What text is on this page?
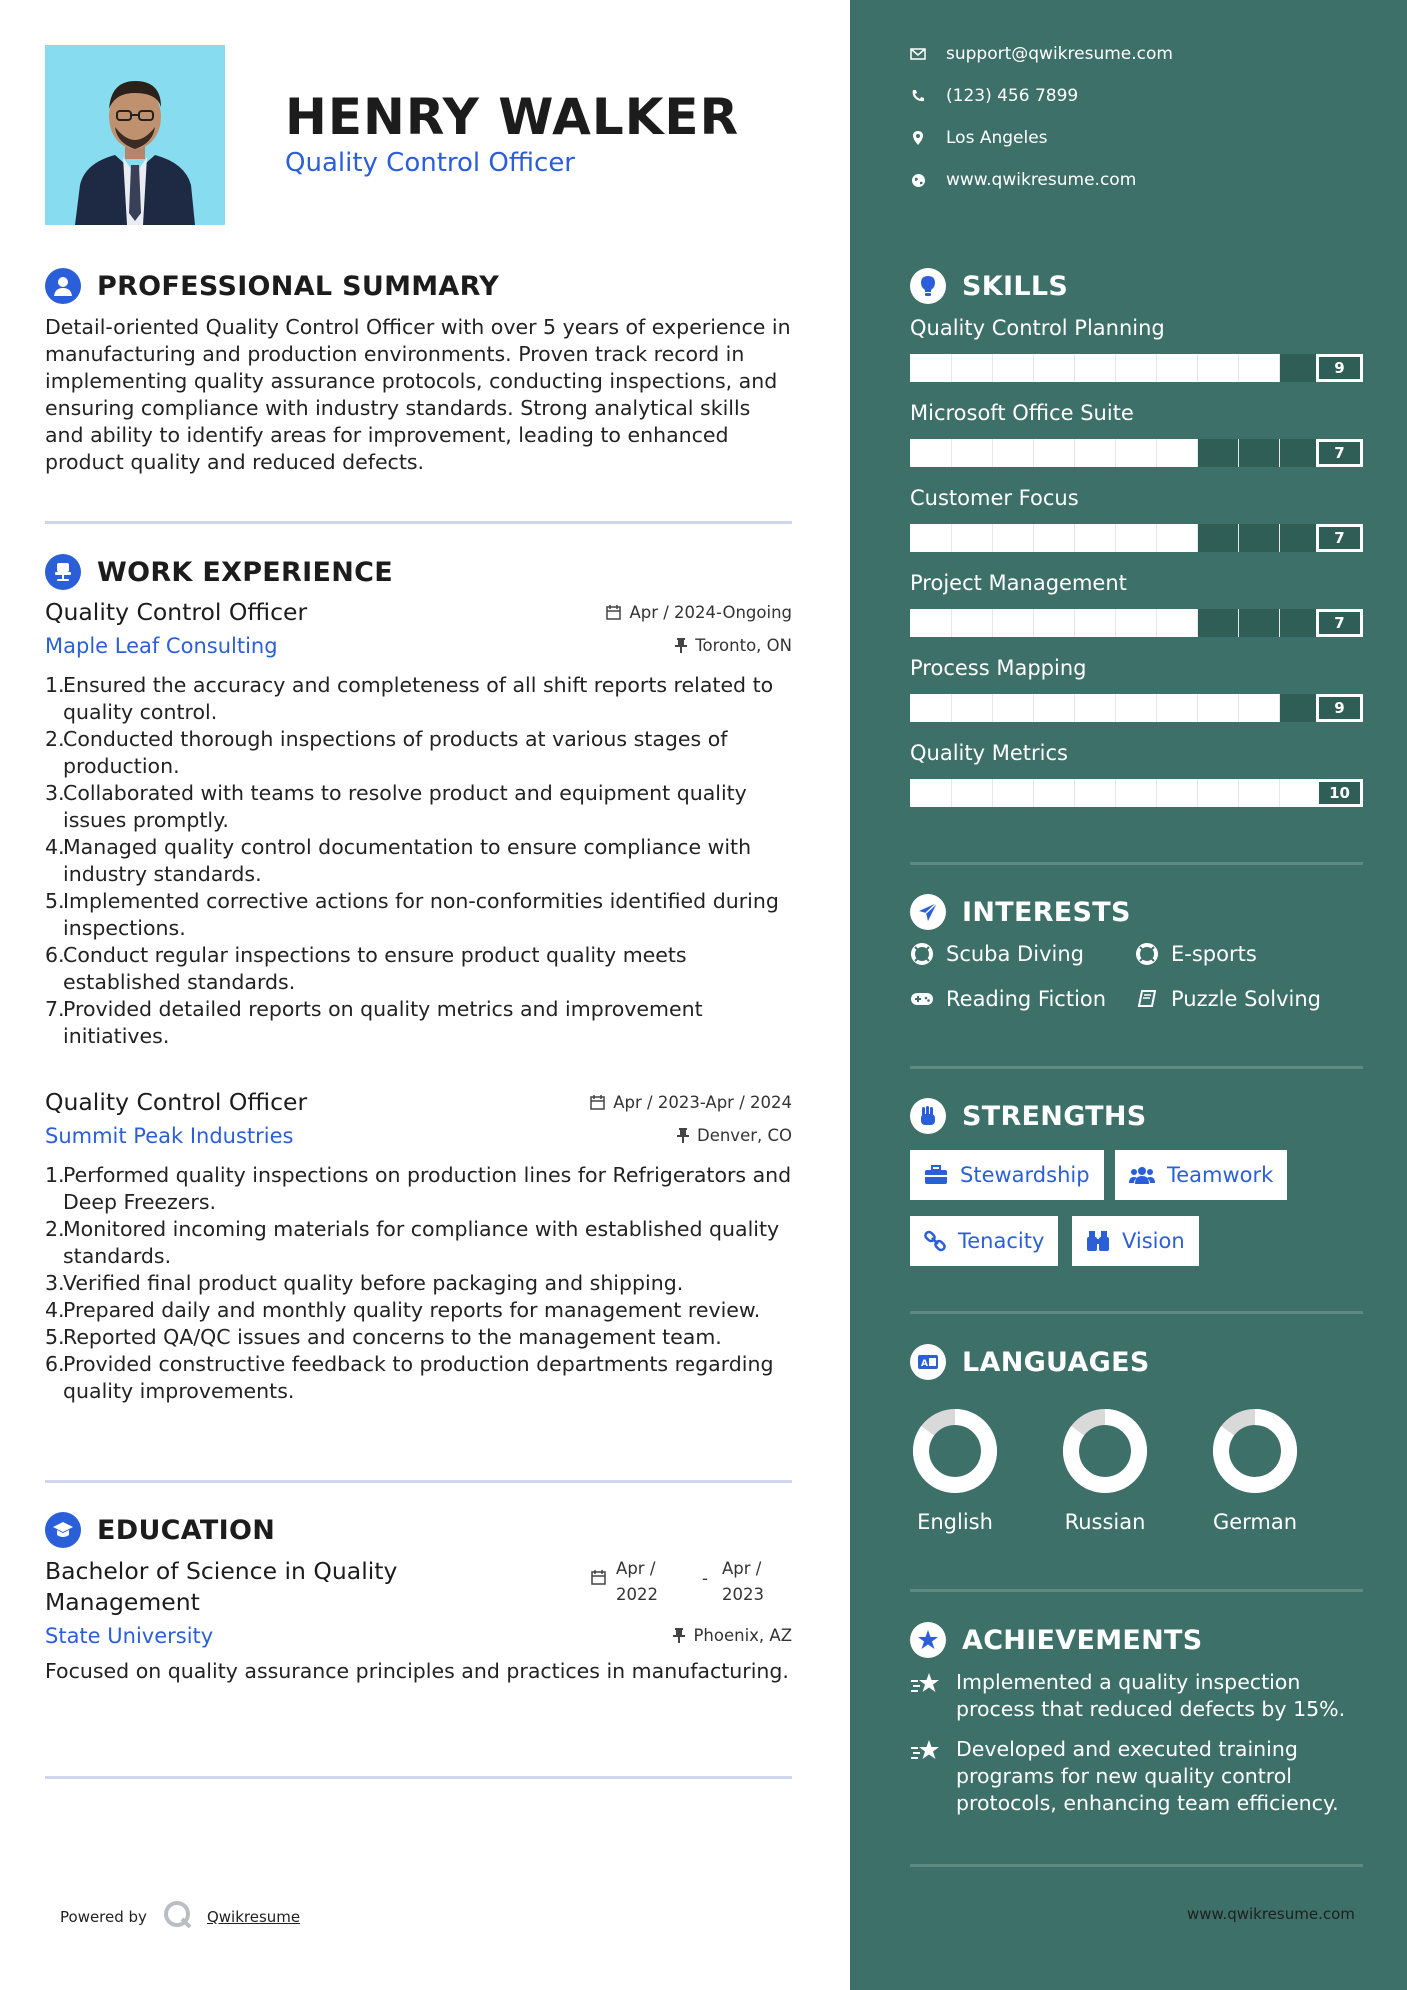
HENRY WALKER
Quality Control Officer
PROFESSIONAL SUMMARY
Detail-oriented Quality Control Officer with over 5 years of experience in manufacturing and production environments. Proven track record in implementing quality assurance protocols, conducting inspections, and ensuring compliance with industry standards. Strong analytical skills and ability to identify areas for improvement, leading to enhanced product quality and reduced defects.
WORK EXPERIENCE
Quality Control Officer	Apr / 2024-Ongoing
Maple Leaf Consulting	Toronto, ON
1.
Ensured the accuracy and completeness of all shift reports related to quality control.
2.
Conducted thorough inspections of products at various stages of production.
3.
Collaborated with teams to resolve product and equipment quality issues promptly.
4.
Managed quality control documentation to ensure compliance with industry standards.
5.
Implemented corrective actions for non-conformities identified during inspections.
6.
Conduct regular inspections to ensure product quality meets established standards.
7.
Provided detailed reports on quality metrics and improvement initiatives.
Quality Control Officer	Apr / 2023-Apr / 2024
Summit Peak Industries	Denver, CO
1.
Performed quality inspections on production lines for Refrigerators and Deep Freezers.
2.
Monitored incoming materials for compliance with established quality standards.
3.
Verified final product quality before packaging and shipping.
4.
Prepared daily and monthly quality reports for management review.
5.
Reported QA/QC issues and concerns to the management team.
6.
Provided constructive feedback to production departments regarding quality improvements.
EDUCATION
Bachelor of Science in Quality
Management
Apr /
2022
-
Apr /
2023
State University	Phoenix, AZ
Focused on quality assurance principles and practices in manufacturing.
Powered by	Qwikresume
support@qwikresume.com
(123) 456 7899
Los Angeles
www.qwikresume.com
SKILLS
Quality Control Planning
9
Microsoft Office Suite
7
Customer Focus
7
Project Management
7
Process Mapping
9
Quality Metrics
10
INTERESTS
Scuba Diving	E-sports
Reading Fiction	Puzzle Solving
STRENGTHS
Stewardship	Teamwork
Tenacity	Vision
A LANGUAGES
English	Russian	German
ACHIEVEMENTS
Implemented a quality inspection process that reduced defects by 15%.
Developed and executed training programs for new quality control protocols, enhancing team efficiency.
www.qwikresume.com
